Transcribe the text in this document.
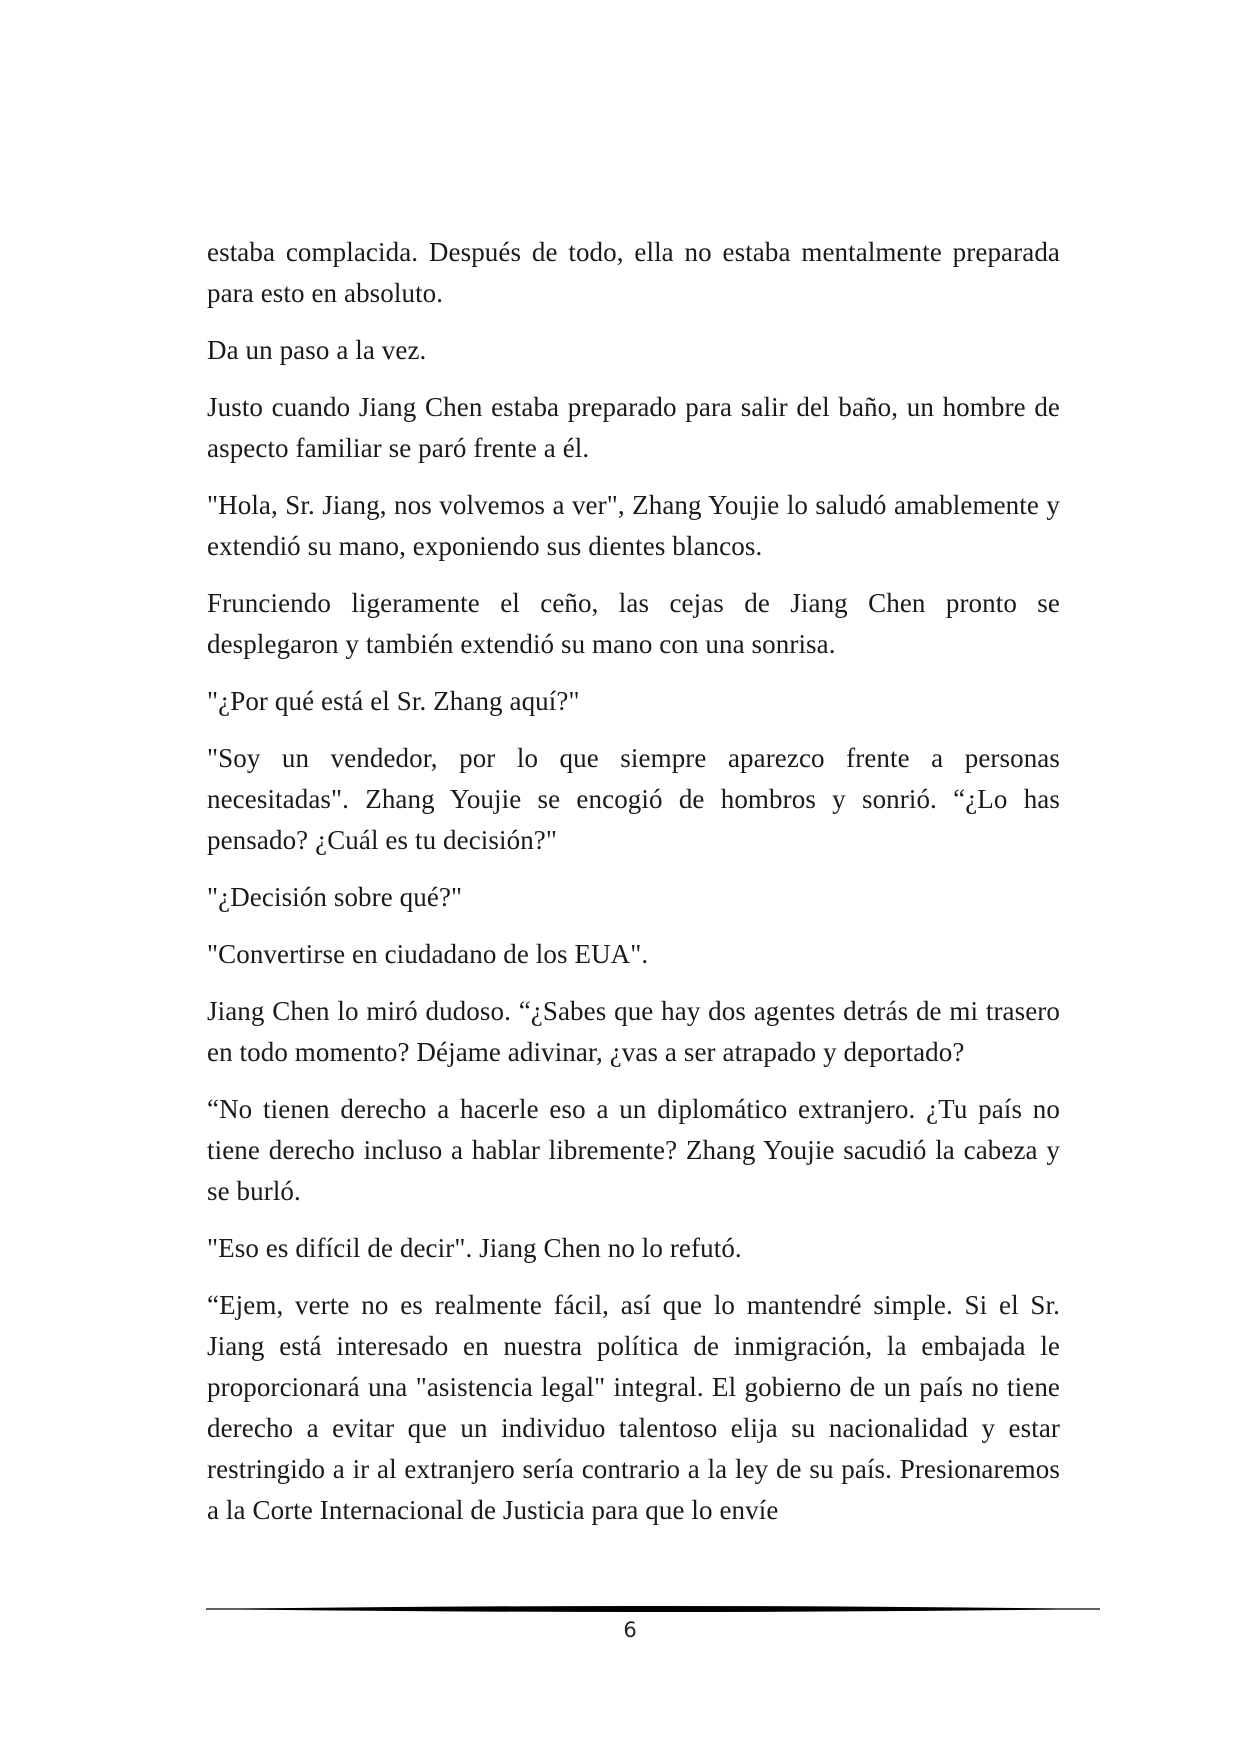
estaba complacida. Después de todo, ella no estaba mentalmente preparada para esto en absoluto.

Da un paso a la vez.

Justo cuando Jiang Chen estaba preparado para salir del baño, un hombre de aspecto familiar se paró frente a él.

"Hola, Sr. Jiang, nos volvemos a ver", Zhang Youjie lo saludó amablemente y extendió su mano, exponiendo sus dientes blancos.

Frunciendo ligeramente el ceño, las cejas de Jiang Chen pronto se desplegaron y también extendió su mano con una sonrisa.

"¿Por qué está el Sr. Zhang aquí?"

"Soy un vendedor, por lo que siempre aparezco frente a personas necesitadas". Zhang Youjie se encogió de hombros y sonrió. “¿Lo has pensado? ¿Cuál es tu decisión?"

"¿Decisión sobre qué?"

"Convertirse en ciudadano de los EUA".

Jiang Chen lo miró dudoso. “¿Sabes que hay dos agentes detrás de mi trasero en todo momento? Déjame adivinar, ¿vas a ser atrapado y deportado?

“No tienen derecho a hacerle eso a un diplomático extranjero. ¿Tu país no tiene derecho incluso a hablar libremente? Zhang Youjie sacudió la cabeza y se burló.

"Eso es difícil de decir". Jiang Chen no lo refutó.

“Ejem, verte no es realmente fácil, así que lo mantendré simple. Si el Sr. Jiang está interesado en nuestra política de inmigración, la embajada le proporcionará una "asistencia legal" integral. El gobierno de un país no tiene derecho a evitar que un individuo talentoso elija su nacionalidad y estar restringido a ir al extranjero sería contrario a la ley de su país. Presionaremos a la Corte Internacional de Justicia para que lo envíe

6
